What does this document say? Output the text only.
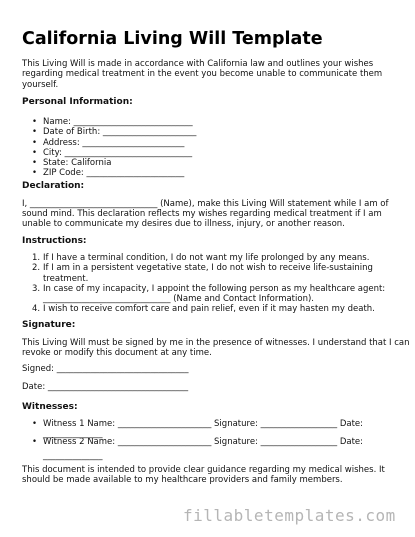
California Living Will Template

This Living Will is made in accordance with California law and outlines your wishes regarding medical treatment in the event you become unable to communicate them yourself.

Personal Information:

• Name: ____________________________
• Date of Birth: ______________________
• Address: ________________________
• City: ______________________________
• State: California
• ZIP Code: _______________________

Declaration:

I, ______________________________ (Name), make this Living Will statement while I am of

sound mind. This declaration reflects my wishes regarding medical treatment if I am

unable to communicate my desires due to illness, injury, or another reason.

Instructions:

1. If I have a terminal condition, I do not want my life prolonged by any means.
2. If I am in a persistent vegetative state, I do not wish to receive life-sustaining treatment.
3. In case of my incapacity, I appoint the following person as my healthcare agent: ______________________________ (Name and Contact Information).
4. I wish to receive comfort care and pain relief, even if it may hasten my death.

Signature:

This Living Will must be signed by me in the presence of witnesses. I understand that I can

revoke or modify this document at any time.

Signed: _______________________________

Date: _________________________________

Witnesses:

• Witness 1 Name: ______________________ Signature: __________________ Date:

______________

• Witness 2 Name: ______________________ Signature: __________________ Date:

______________

This document is intended to provide clear guidance regarding my medical wishes. It

should be made available to my healthcare providers and family members.

fillabletemplates.com
